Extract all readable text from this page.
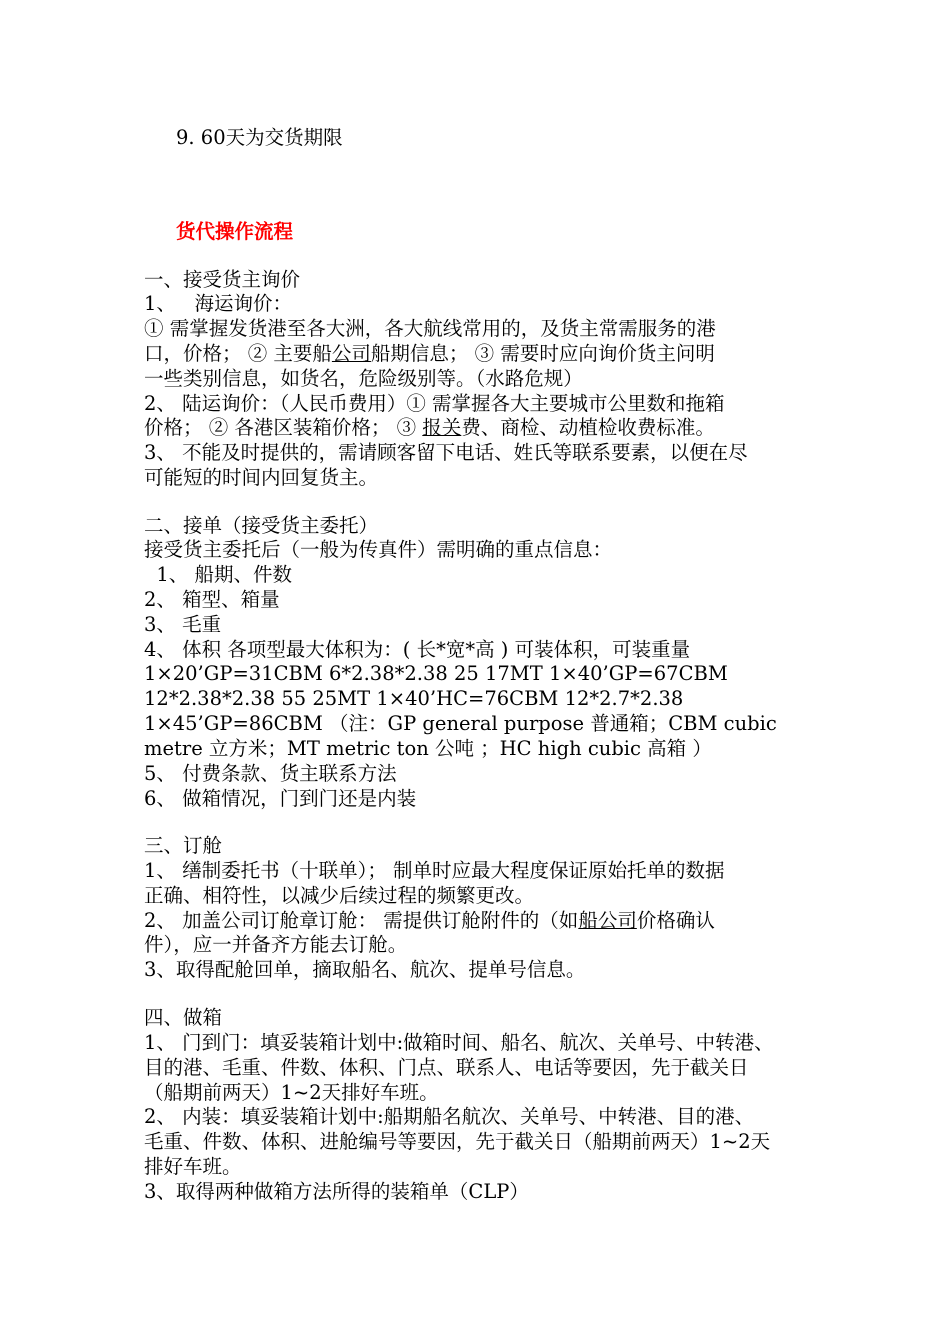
9. 60天为交货期限

货代操作流程

一、接受货主询价

1、   海运询价：

① 需掌握发货港至各大洲，各大航线常用的，及货主常需服务的港

口，价格； ② 主要船公司船期信息； ③ 需要时应向询价货主问明

一些类别信息，如货名，危险级别等。（水路危规）

2、 陆运询价：（人民币费用）① 需掌握各大主要城市公里数和拖箱

价格； ② 各港区装箱价格； ③ 报关费、商检、动植检收费标准。

3、 不能及时提供的，需请顾客留下电话、姓氏等联系要素，以便在尽

可能短的时间内回复货主。

二、接单（接受货主委托）

接受货主委托后（一般为传真件）需明确的重点信息：

1、 船期、件数

2、 箱型、箱量

3、 毛重

4、 体积 各项型最大体积为：( 长*宽*高 ) 可装体积，可装重量

1×20’GP=31CBM 6*2.38*2.38 25 17MT 1×40’GP=67CBM

12*2.38*2.38 55 25MT 1×40’HC=76CBM 12*2.7*2.38

1×45’GP=86CBM （注：GP general purpose 普通箱；CBM cubic

metre 立方米；MT metric ton 公吨 ；HC high cubic 高箱 ）

5、 付费条款、货主联系方法

6、 做箱情况，门到门还是内装

三、订舱

1、 缮制委托书（十联单）； 制单时应最大程度保证原始托单的数据

正确、相符性，以减少后续过程的频繁更改。

2、 加盖公司订舱章订舱： 需提供订舱附件的（如船公司价格确认

件），应一并备齐方能去订舱。

3、取得配舱回单，摘取船名、航次、提单号信息。

四、做箱

1、 门到门：填妥装箱计划中:做箱时间、船名、航次、关单号、中转港、

目的港、毛重、件数、体积、门点、联系人、电话等要因，先于截关日

（船期前两天）1~2天排好车班。

2、 内装：填妥装箱计划中:船期船名航次、关单号、中转港、目的港、

毛重、件数、体积、进舱编号等要因，先于截关日（船期前两天）1~2天

排好车班。

3、取得两种做箱方法所得的装箱单（CLP）
